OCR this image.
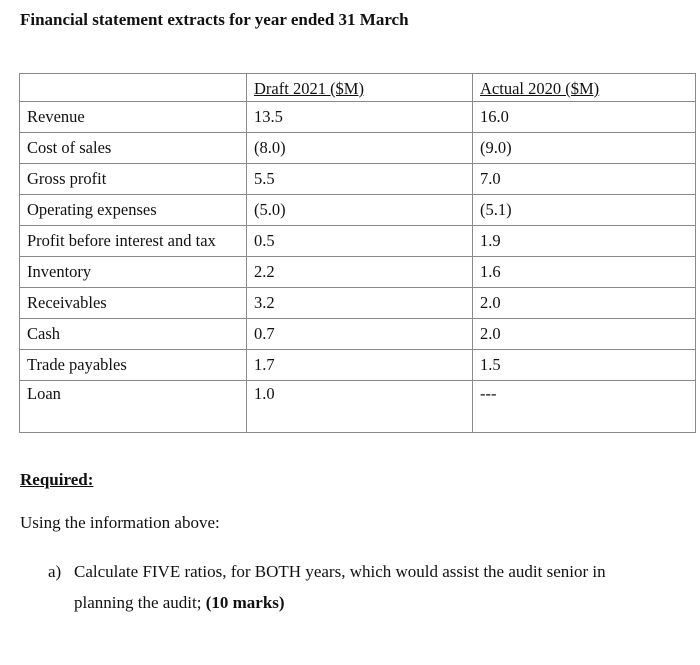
Financial statement extracts for year ended 31 March
	Draft 2021 ($M)	Actual 2020 ($M)
Revenue	13.5	16.0
Cost of sales	(8.0)	(9.0)
Gross profit	5.5	7.0
Operating expenses	(5.0)	(5.1)
Profit before interest and tax	0.5	1.9
Inventory	2.2	1.6
Receivables	3.2	2.0
Cash	0.7	2.0
Trade payables	1.7	1.5
Loan	1.0	---
Required:
Using the information above:
a) Calculate FIVE ratios, for BOTH years, which would assist the audit senior in
planning the audit; (10 marks)
